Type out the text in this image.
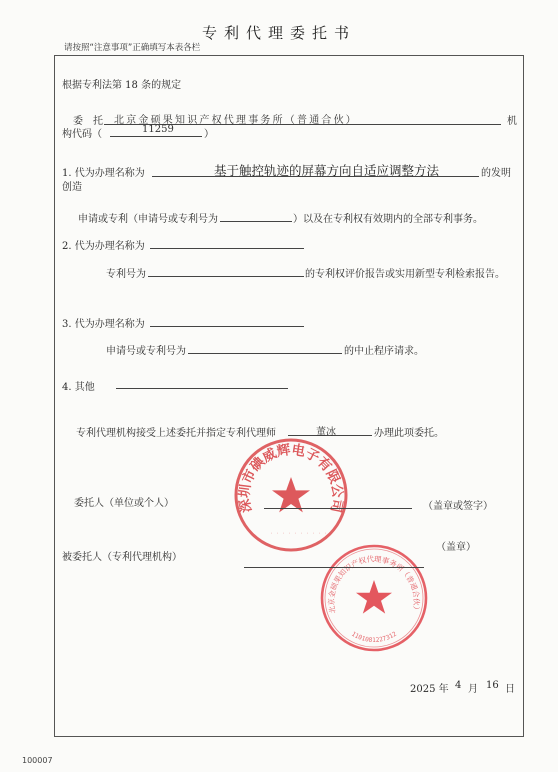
专利代理委托书
请按照“注意事项”正确填写本表各栏
根据专利法第 18 条的规定
委　托 北京金硕果知识产权代理事务所（普通合伙）	机
构代码（	11259	）
1. 代为办理名称为	基于触控轨迹的屏幕方向自适应调整方法	的发明
创造
申请或专利（申请号或专利号为	）以及在专利权有效期内的全部专利事务。
2. 代为办理名称为
专利号为	的专利权评价报告或实用新型专利检索报告。
3. 代为办理名称为
申请号或专利号为	的中止程序请求。
4. 其他
专利代理机构接受上述委托并指定专利代理师	董冰	办理此项委托。
深圳市碘威辉电子有限公司
· · · · · · · · · ·
委托人（单位或个人）	（盖章或签字）
北京金硕果知识产权代理事务所（普通合伙）
1101081227312
（盖章）
被委托人（专利代理机构）
2025 年 4 月 16 日
100007
